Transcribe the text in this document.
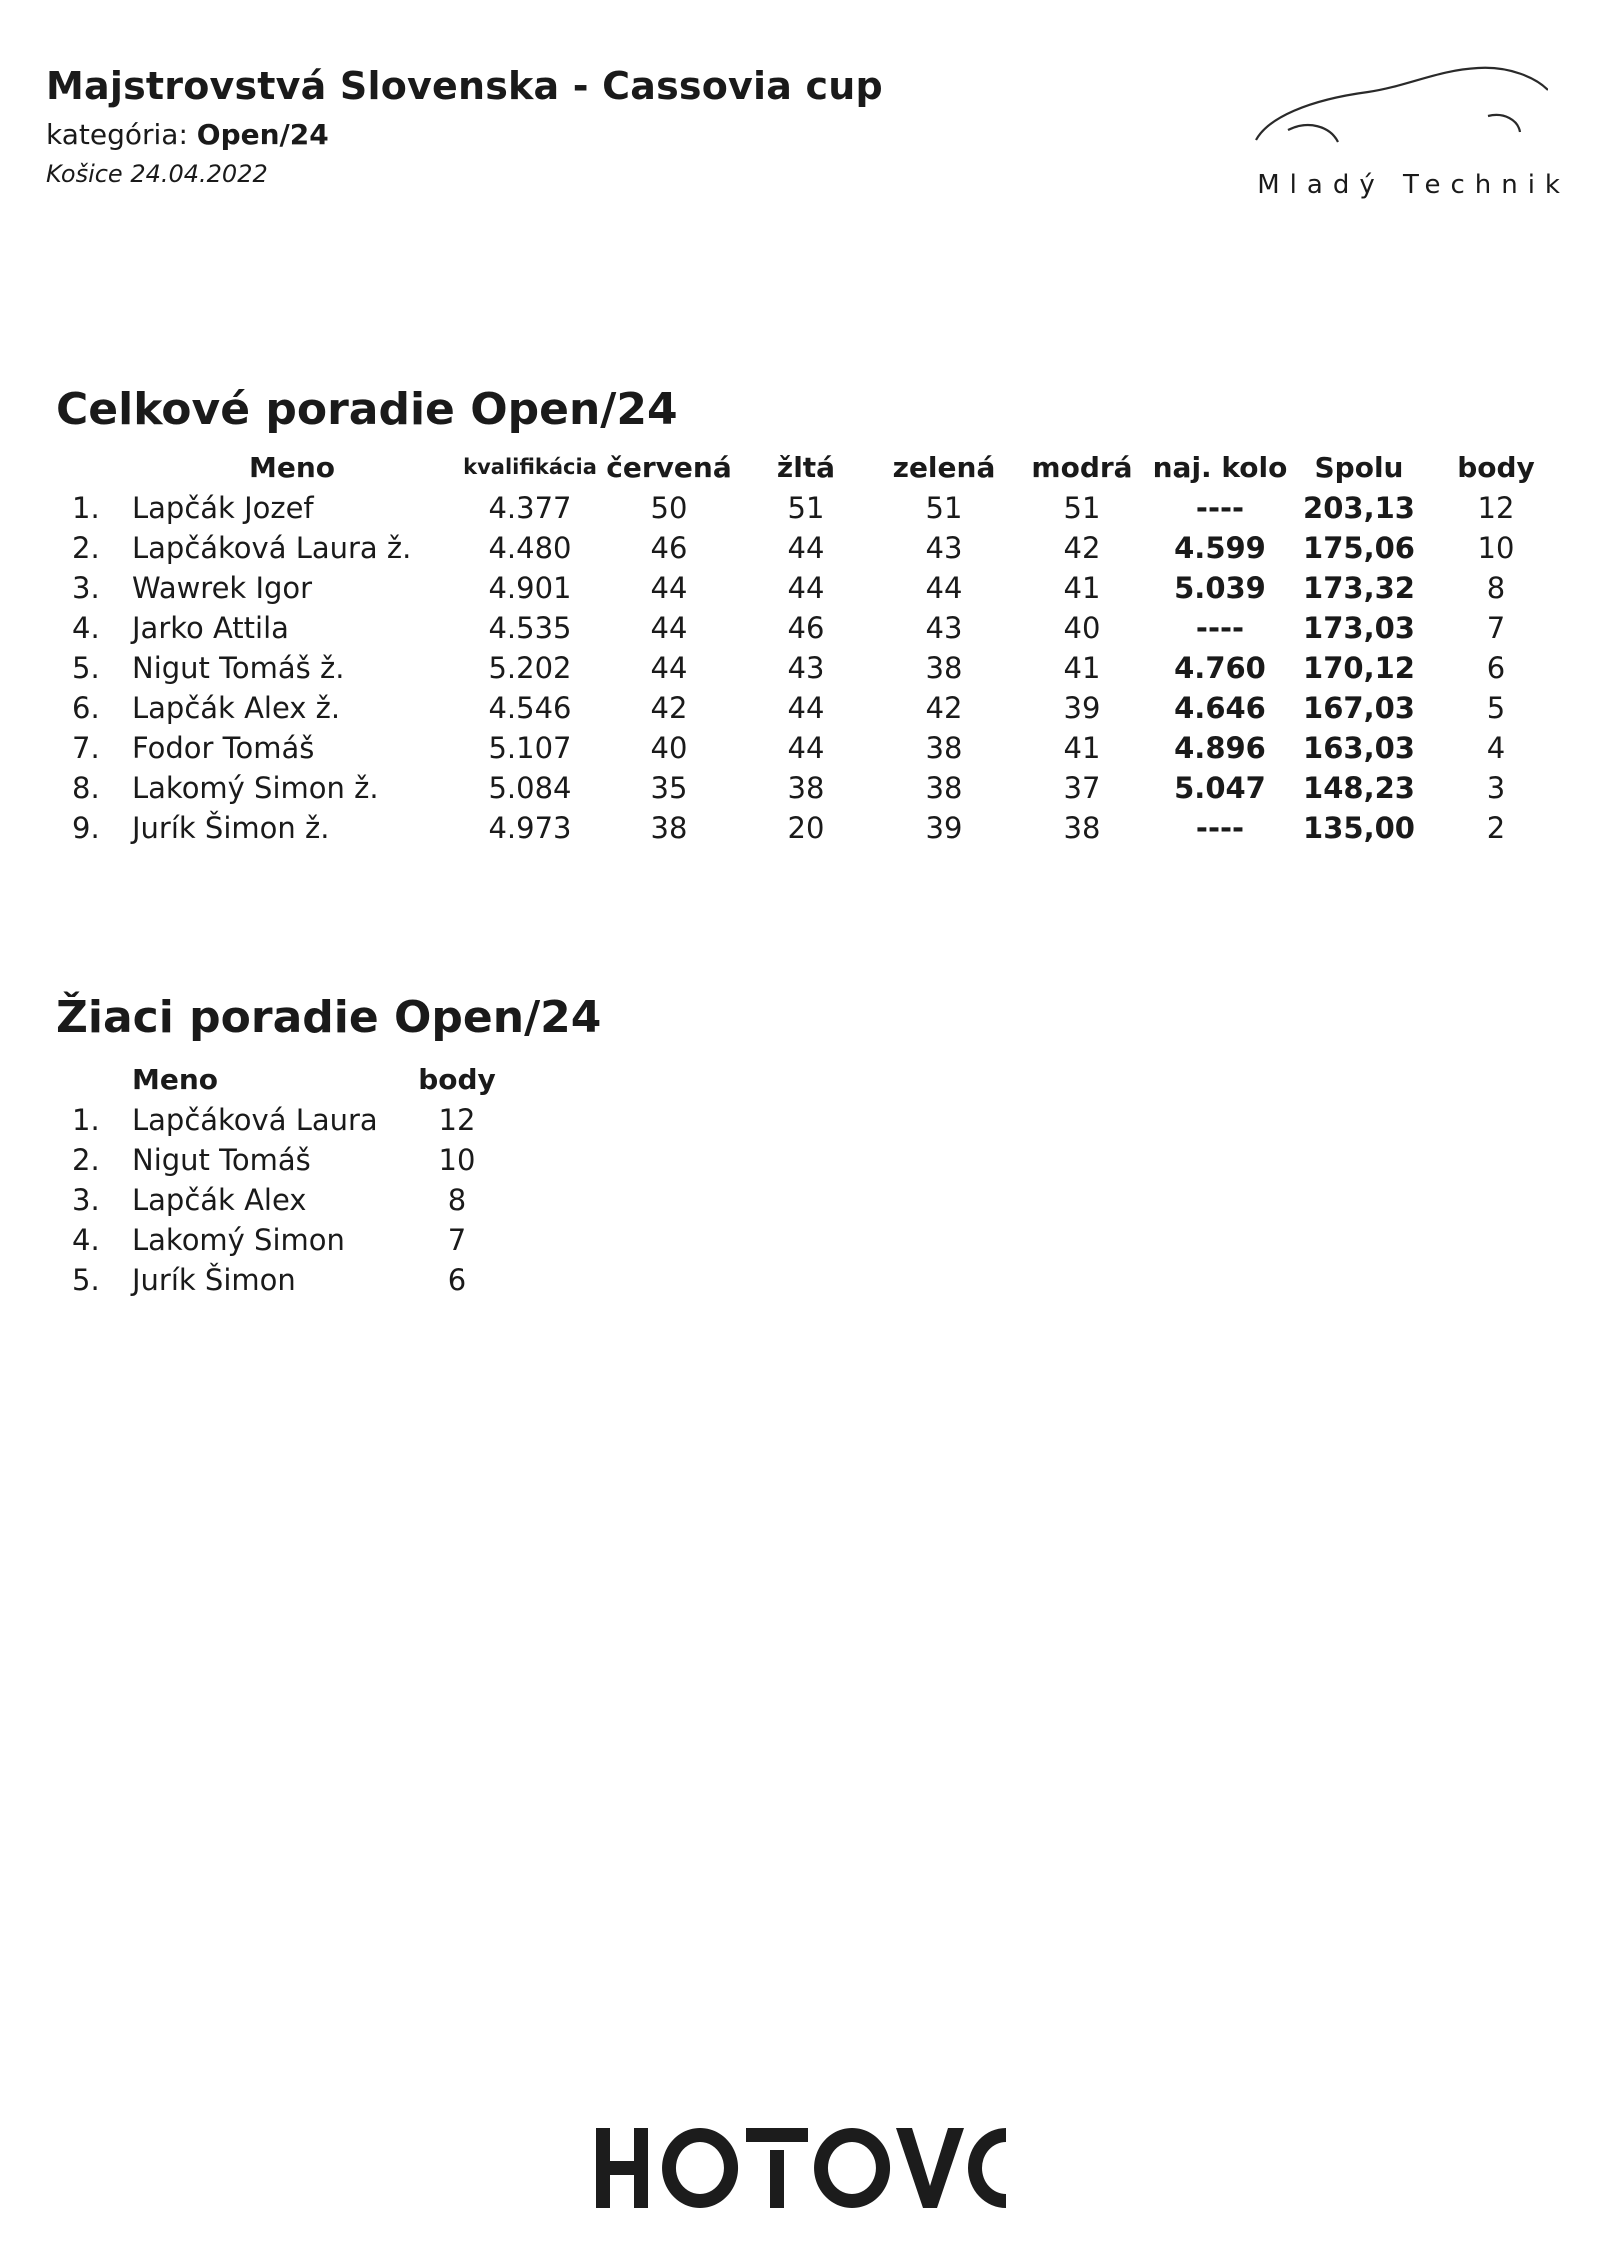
Majstrovstvá Slovenska - Cassovia cup
kategória: Open/24
Košice 24.04.2022	Mladý Technik
Celkové poradie Open/24
	Meno	kvalifikácia	červená	žltá	zelená	modrá	naj. kolo	Spolu	body
1.	Lapčák Jozef	4.377	50	51	51	51	----	203,13	12
2.	Lapčáková Laura ž.	4.480	46	44	43	42	4.599	175,06	10
3.	Wawrek Igor	4.901	44	44	44	41	5.039	173,32	8
4.	Jarko Attila	4.535	44	46	43	40	----	173,03	7
5.	Nigut Tomáš ž.	5.202	44	43	38	41	4.760	170,12	6
6.	Lapčák Alex ž.	4.546	42	44	42	39	4.646	167,03	5
7.	Fodor Tomáš	5.107	40	44	38	41	4.896	163,03	4
8.	Lakomý Simon ž.	5.084	35	38	38	37	5.047	148,23	3
9.	Jurík Šimon ž.	4.973	38	20	39	38	----	135,00	2
Žiaci poradie Open/24
	Meno	body
1.	Lapčáková Laura	12
2.	Nigut Tomáš	10
3.	Lapčák Alex	8
4.	Lakomý Simon	7
5.	Jurík Šimon	6
